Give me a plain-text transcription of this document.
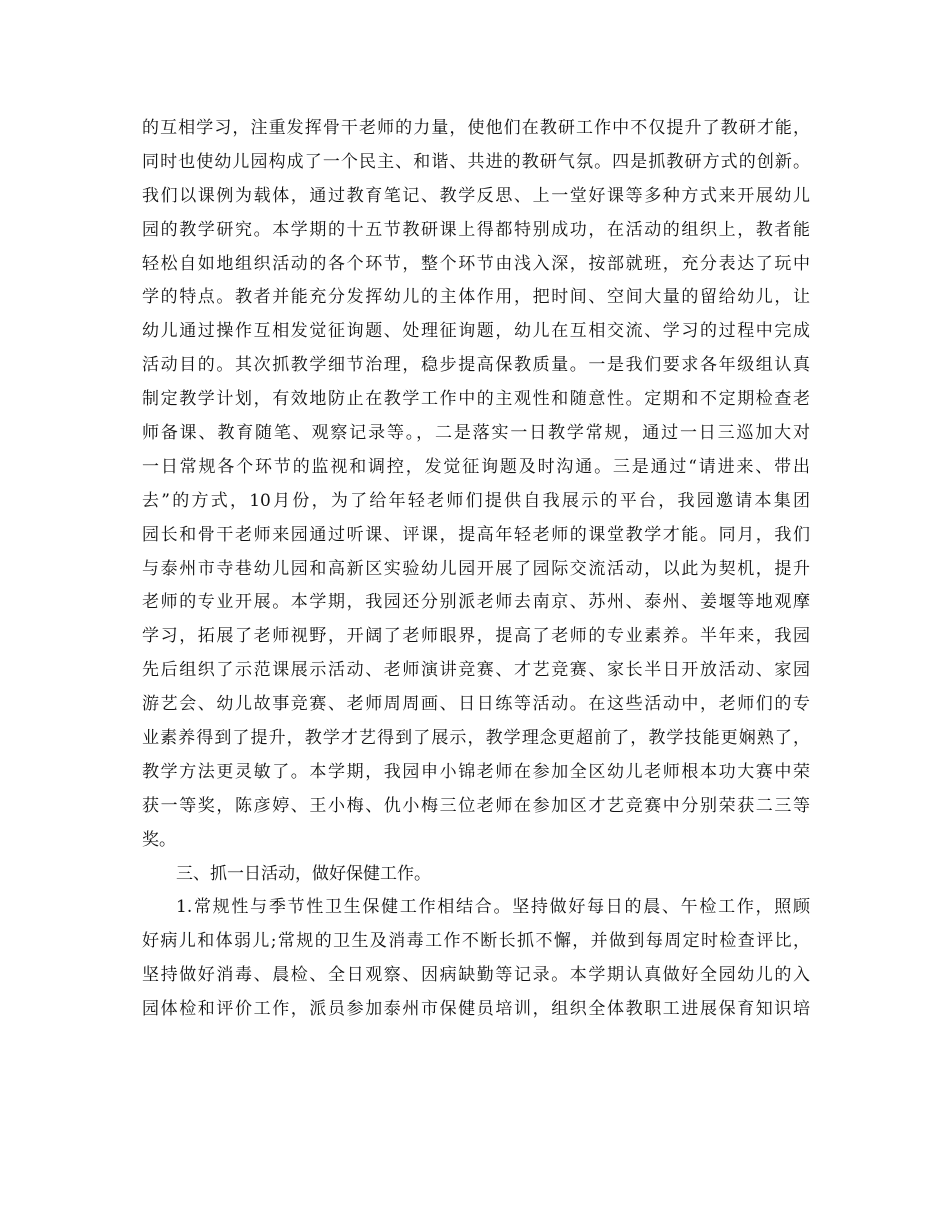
的互相学习，注重发挥骨干老师的力量，使他们在教研工作中不仅提升了教研才能，
同时也使幼儿园构成了一个民主、和谐、共进的教研气氛。四是抓教研方式的创新。
我们以课例为载体，通过教育笔记、教学反思、上一堂好课等多种方式来开展幼儿
园的教学研究。本学期的十五节教研课上得都特别成功，在活动的组织上，教者能
轻松自如地组织活动的各个环节，整个环节由浅入深，按部就班，充分表达了玩中
学的特点。教者并能充分发挥幼儿的主体作用，把时间、空间大量的留给幼儿，让
幼儿通过操作互相发觉征询题、处理征询题，幼儿在互相交流、学习的过程中完成
活动目的。其次抓教学细节治理，稳步提高保教质量。一是我们要求各年级组认真
制定教学计划，有效地防止在教学工作中的主观性和随意性。定期和不定期检查老
师备课、教育随笔、观察记录等。，二是落实一日教学常规，通过一日三巡加大对
一日常规各个环节的监视和调控，发觉征询题及时沟通。三是通过“请进来、带出
去”的方式，10月份，为了给年轻老师们提供自我展示的平台，我园邀请本集团
园长和骨干老师来园通过听课、评课，提高年轻老师的课堂教学才能。同月，我们
与泰州市寺巷幼儿园和高新区实验幼儿园开展了园际交流活动，以此为契机，提升
老师的专业开展。本学期，我园还分别派老师去南京、苏州、泰州、姜堰等地观摩
学习，拓展了老师视野，开阔了老师眼界，提高了老师的专业素养。半年来，我园
先后组织了示范课展示活动、老师演讲竞赛、才艺竞赛、家长半日开放活动、家园
游艺会、幼儿故事竞赛、老师周周画、日日练等活动。在这些活动中，老师们的专
业素养得到了提升，教学才艺得到了展示，教学理念更超前了，教学技能更娴熟了，
教学方法更灵敏了。本学期，我园申小锦老师在参加全区幼儿老师根本功大赛中荣
获一等奖，陈彦婷、王小梅、仇小梅三位老师在参加区才艺竞赛中分别荣获二三等
奖。
三、抓一日活动，做好保健工作。
1.常规性与季节性卫生保健工作相结合。坚持做好每日的晨、午检工作，照顾
好病儿和体弱儿;常规的卫生及消毒工作不断长抓不懈，并做到每周定时检查评比，
坚持做好消毒、晨检、全日观察、因病缺勤等记录。本学期认真做好全园幼儿的入
园体检和评价工作，派员参加泰州市保健员培训，组织全体教职工进展保育知识培
